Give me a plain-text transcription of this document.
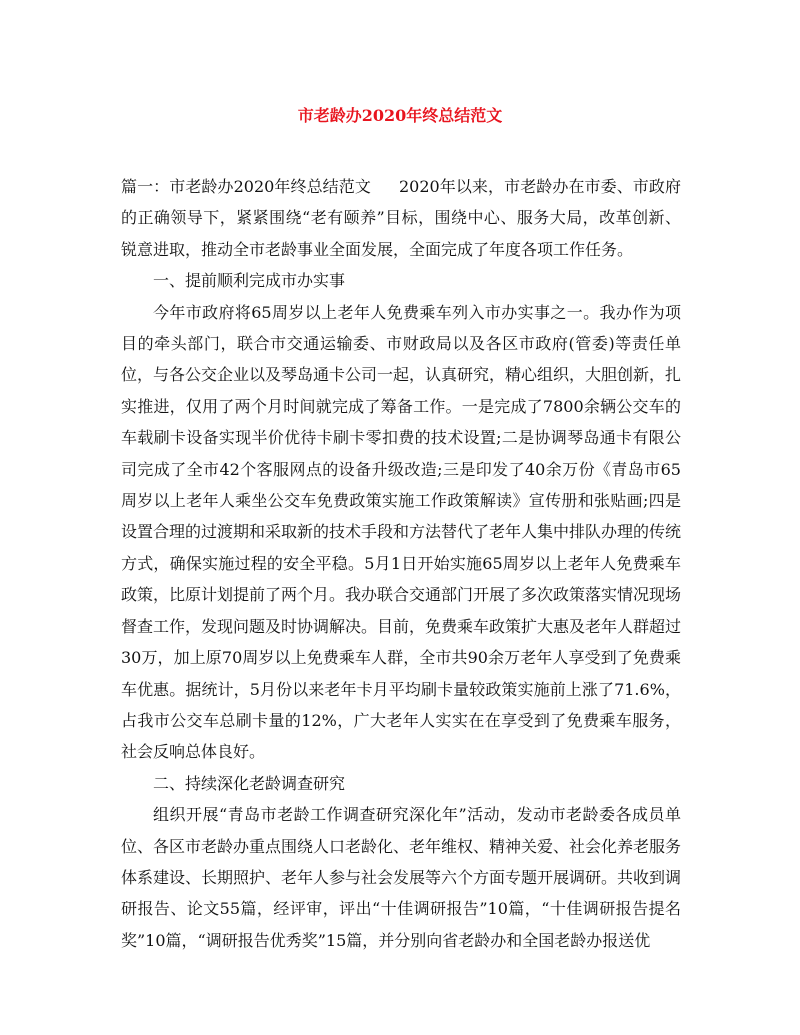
市老龄办2020年终总结范文

篇一：市老龄办2020年终总结范文 2020年以来，市老龄办在市委、市政府的正确领导下，紧紧围绕“老有颐养”目标，围绕中心、服务大局，改革创新、锐意进取，推动全市老龄事业全面发展，全面完成了年度各项工作任务。

一、提前顺利完成市办实事

今年市政府将65周岁以上老年人免费乘车列入市办实事之一。我办作为项目的牵头部门，联合市交通运输委、市财政局以及各区市政府(管委)等责任单位，与各公交企业以及琴岛通卡公司一起，认真研究，精心组织，大胆创新，扎实推进，仅用了两个月时间就完成了筹备工作。一是完成了7800余辆公交车的车载刷卡设备实现半价优待卡刷卡零扣费的技术设置;二是协调琴岛通卡有限公司完成了全市42个客服网点的设备升级改造;三是印发了40余万份《青岛市65周岁以上老年人乘坐公交车免费政策实施工作政策解读》宣传册和张贴画;四是设置合理的过渡期和采取新的技术手段和方法替代了老年人集中排队办理的传统方式，确保实施过程的安全平稳。5月1日开始实施65周岁以上老年人免费乘车政策，比原计划提前了两个月。我办联合交通部门开展了多次政策落实情况现场督查工作，发现问题及时协调解决。目前，免费乘车政策扩大惠及老年人群超过30万，加上原70周岁以上免费乘车人群，全市共90余万老年人享受到了免费乘车优惠。据统计，5月份以来老年卡月平均刷卡量较政策实施前上涨了71.6%，占我市公交车总刷卡量的12%，广大老年人实实在在享受到了免费乘车服务，社会反响总体良好。

二、持续深化老龄调查研究

组织开展“青岛市老龄工作调查研究深化年”活动，发动市老龄委各成员单位、各区市老龄办重点围绕人口老龄化、老年维权、精神关爱、社会化养老服务体系建设、长期照护、老年人参与社会发展等六个方面专题开展调研。共收到调研报告、论文55篇，经评审，评出“十佳调研报告”10篇，“十佳调研报告提名奖”10篇，“调研报告优秀奖”15篇，并分别向省老龄办和全国老龄办报送优
